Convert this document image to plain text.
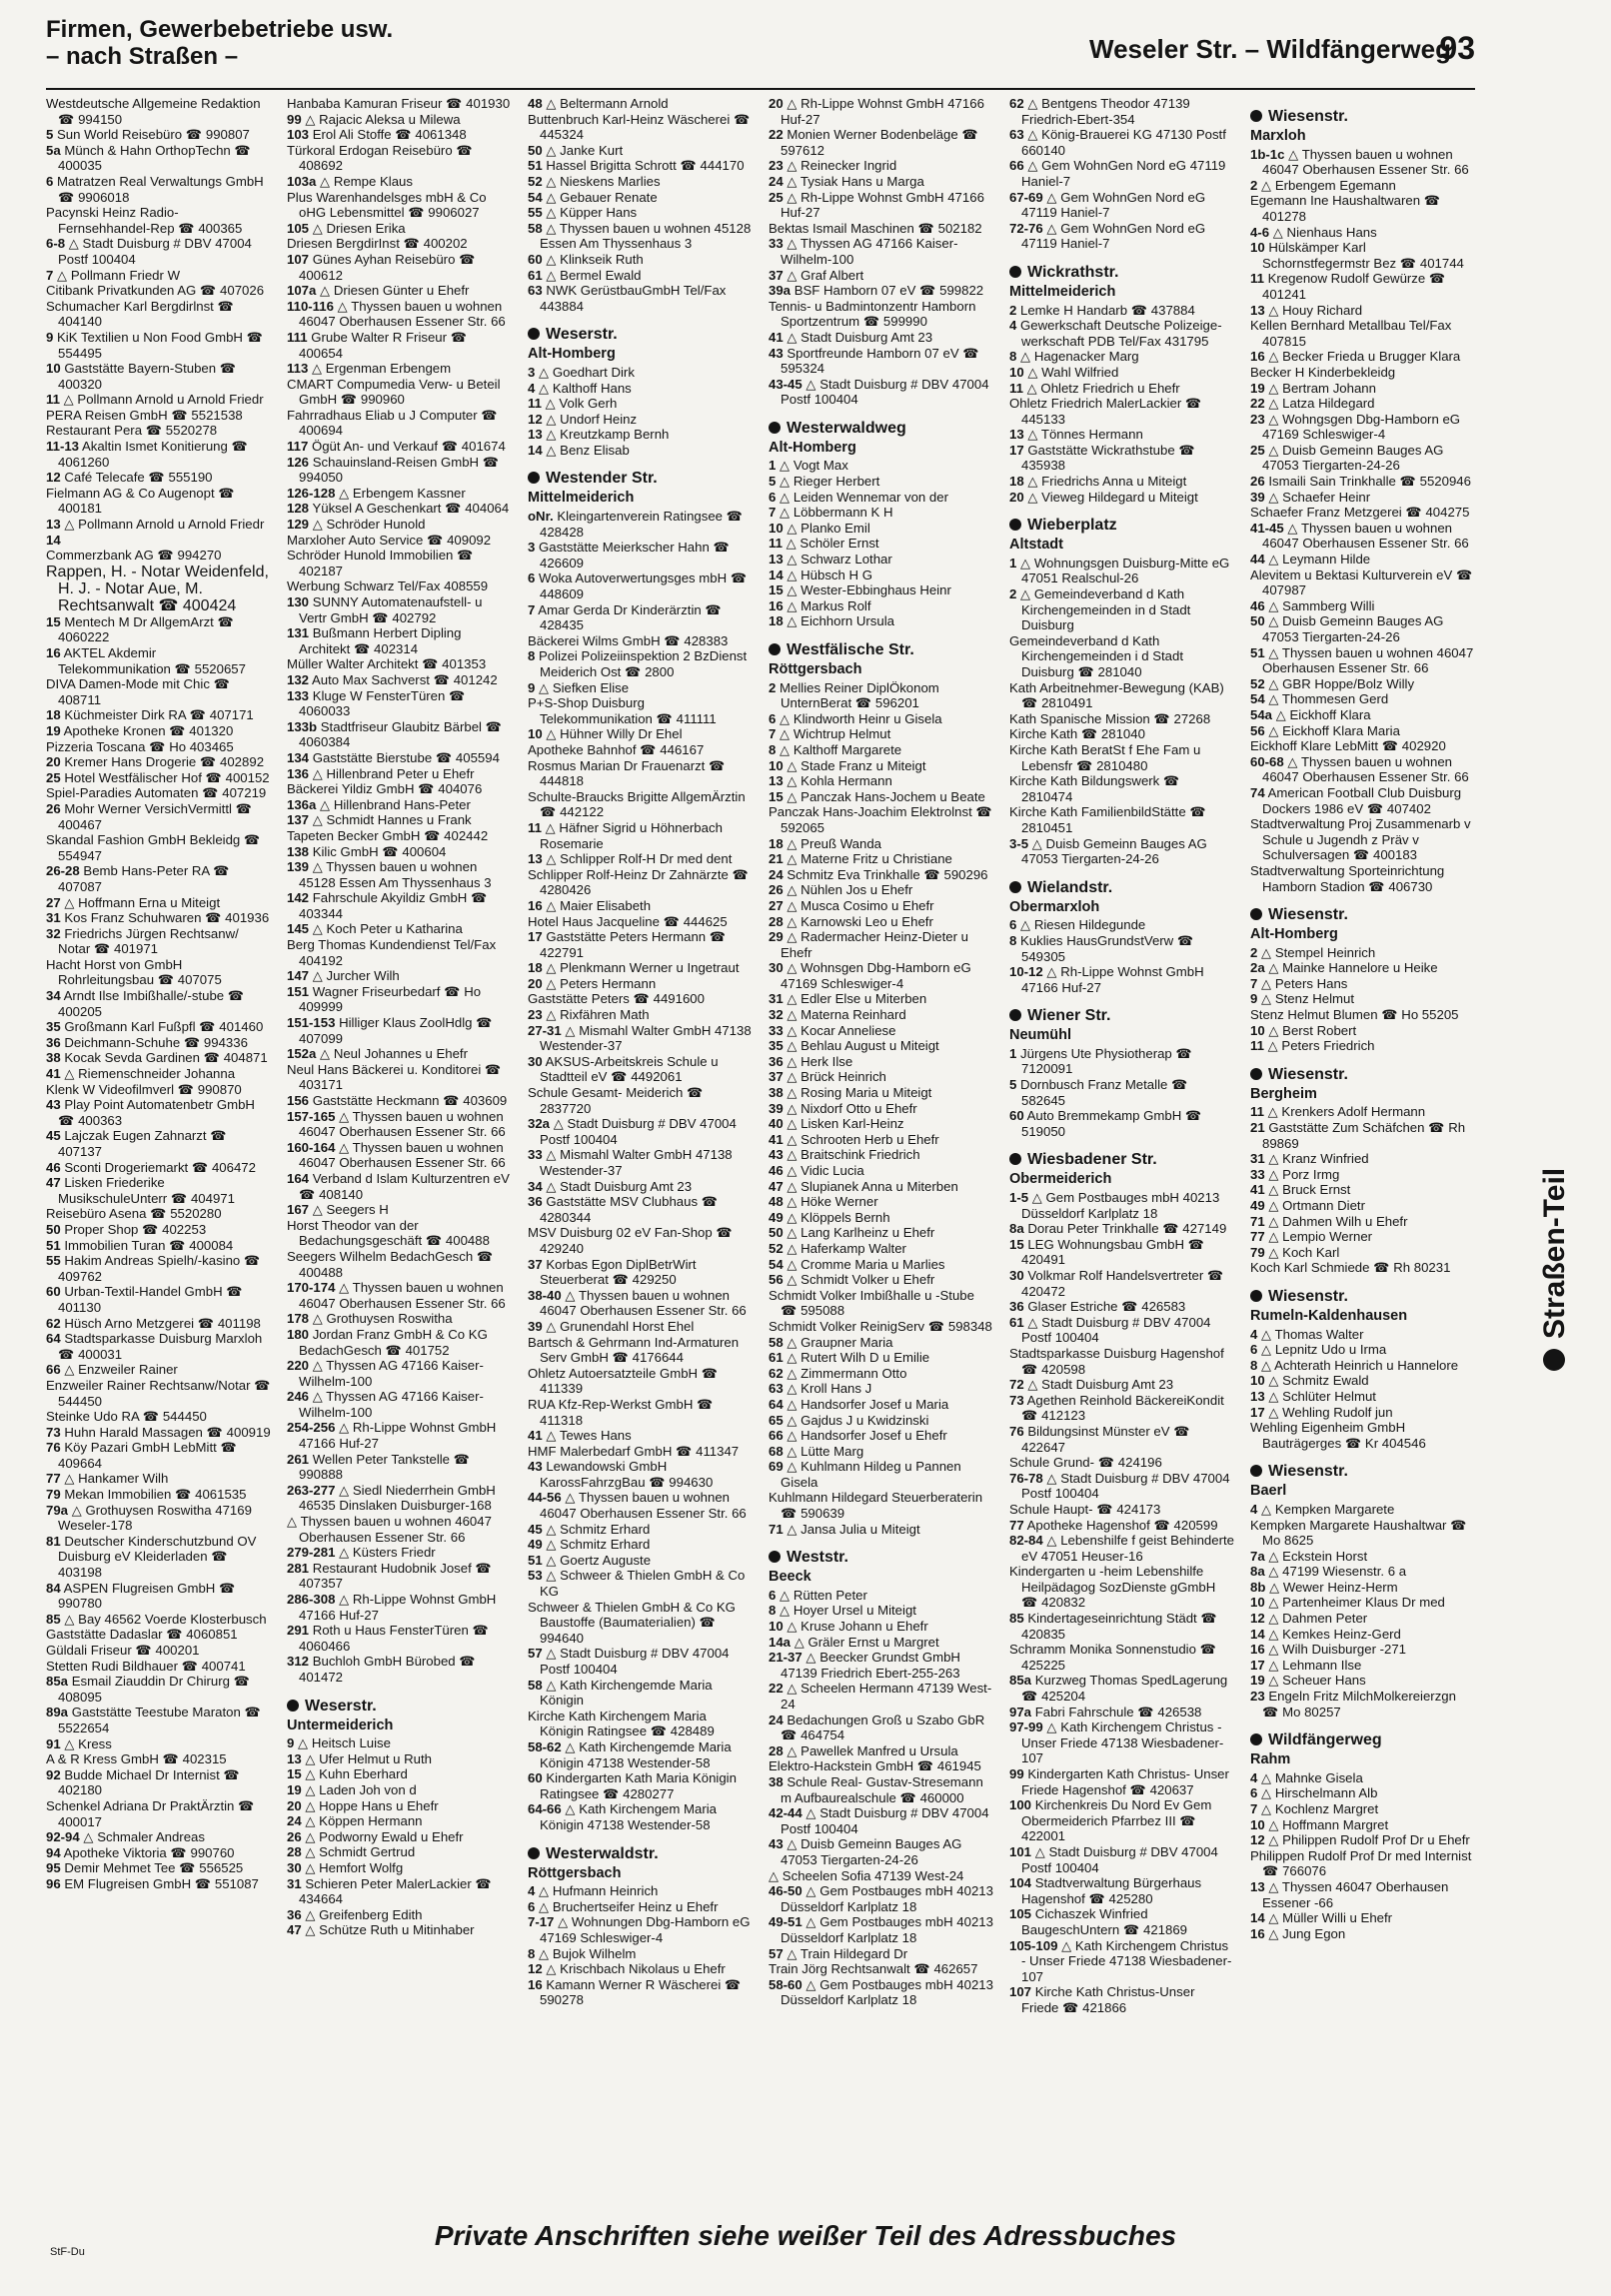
Firmen, Gewerbebetriebe usw.
– nach Straßen –	Weseler Str. – Wildfängerweg
93
Westdeutsche Allgemeine Redaktion ☎ 994150
5 Sun World Reisebüro ☎ 990807
5a Münch & Hahn OrthopTechn ☎ 400035
6 Matratzen Real Verwaltungs GmbH ☎ 9906018
Pacynski Heinz Radio-Fernsehhandel-Rep ☎ 400365
6-8 △ Stadt Duisburg # DBV 47004 Postf 100404
7 △ Pollmann Friedr W
Citibank Privatkunden AG ☎ 407026
Schumacher Karl Bergdirlnst ☎ 404140
9 KiK Textilien u Non Food GmbH ☎ 554495
10 Gaststätte Bayern-Stuben ☎ 400320
11 △ Pollmann Arnold u Arnold Friedr
PERA Reisen GmbH ☎ 5521538
Restaurant Pera ☎ 5520278
11-13 Akaltin Ismet Konitierung ☎ 4061260
12 Café Telecafe ☎ 555190
Fielmann AG & Co Augenopt ☎ 400181
13 △ Pollmann Arnold u Arnold Friedr
14
Commerzbank AG ☎ 994270
Rappen, H. - Notar Weidenfeld, H. J. - Notar Aue, M. Rechtsanwalt ☎ 400424
15 Mentech M Dr AllgemArzt ☎ 4060222
16 AKTEL Akdemir Telekommunikation ☎ 5520657
DIVA Damen-Mode mit Chic ☎ 408711
18 Küchmeister Dirk RA ☎ 407171
19 Apotheke Kronen ☎ 401320
Pizzeria Toscana ☎ Ho 403465
20 Kremer Hans Drogerie ☎ 402892
25 Hotel Westfälischer Hof ☎ 400152
Spiel-Paradies Automaten ☎ 407219
26 Mohr Werner VersichVermittl ☎ 400467
Skandal Fashion GmbH Bekleidg ☎ 554947
26-28 Bemb Hans-Peter RA ☎ 407087
27 △ Hoffmann Erna u Miteigt
31 Kos Franz Schuhwaren ☎ 401936
32 Friedrichs Jürgen Rechtsanw/ Notar ☎ 401971
Hacht Horst von GmbH Rohrleitungsbau ☎ 407075
34 Arndt Ilse Imbißhalle/-stube ☎ 400205
35 Großmann Karl Fußpfl ☎ 401460
36 Deichmann-Schuhe ☎ 994336
38 Kocak Sevda Gardinen ☎ 404871
41 △ Riemenschneider Johanna
Klenk W Videofilmverl ☎ 990870
43 Play Point Automatenbetr GmbH ☎ 400363
45 Lajczak Eugen Zahnarzt ☎ 407137
46 Sconti Drogeriemarkt ☎ 406472
47 Lisken Friederike MusikschuleUnterr ☎ 404971
Reisebüro Asena ☎ 5520280
50 Proper Shop ☎ 402253
51 Immobilien Turan ☎ 400084
55 Hakim Andreas Spielh/-kasino ☎ 409762
60 Urban-Textil-Handel GmbH ☎ 401130
62 Hüsch Arno Metzgerei ☎ 401198
64 Stadtsparkasse Duisburg Marxloh ☎ 400031
66 △ Enzweiler Rainer
Enzweiler Rainer Rechtsanw/Notar ☎ 544450
Steinke Udo RA ☎ 544450
73 Huhn Harald Massagen ☎ 400919
76 Köy Pazari GmbH LebMitt ☎ 409664
77 △ Hankamer Wilh
79 Mekan Immobilien ☎ 4061535
79a △ Grothuysen Roswitha 47169 Weseler-178
81 Deutscher Kinderschutzbund OV Duisburg eV Kleiderladen ☎ 403198
84 ASPEN Flugreisen GmbH ☎ 990780
85 △ Bay 46562 Voerde Klosterbusch
Gaststätte Dadaslar ☎ 4060851
Güldali Friseur ☎ 400201
Stetten Rudi Bildhauer ☎ 400741
85a Esmail Ziauddin Dr Chirurg ☎ 408095
89a Gaststätte Teestube Maraton ☎ 5522654
91 △ Kress
A & R Kress GmbH ☎ 402315
92 Budde Michael Dr Internist ☎ 402180
Schenkel Adriana Dr PraktÄrztin ☎ 400017
92-94 △ Schmaler Andreas
94 Apotheke Viktoria ☎ 990760
95 Demir Mehmet Tee ☎ 556525
96 EM Flugreisen GmbH ☎ 551087
Hanbaba Kamuran Friseur ☎ 401930
99 △ Rajacic Aleksa u Milewa
103 Erol Ali Stoffe ☎ 4061348
Türkoral Erdogan Reisebüro ☎ 408692
103a △ Rempe Klaus
Plus Warenhandelsges mbH & Co oHG Lebensmittel ☎ 9906027
105 △ Driesen Erika
Driesen BergdirInst ☎ 400202
107 Günes Ayhan Reisebüro ☎ 400612
107a △ Driesen Günter u Ehefr
110-116 △ Thyssen bauen u wohnen 46047 Oberhausen Essener Str. 66
111 Grube Walter R Friseur ☎ 400654
113 △ Ergenman Erbengem
CMART Compumedia Verw- u Beteil GmbH ☎ 990960
Fahrradhaus Eliab u J Computer ☎ 400694
117 Ögüt An- und Verkauf ☎ 401674
126 Schauinsland-Reisen GmbH ☎ 994050
126-128 △ Erbengem Kassner
128 Yüksel A Geschenkart ☎ 404064
129 △ Schröder Hunold
Marxloher Auto Service ☎ 409092
Schröder Hunold Immobilien ☎ 402187
Werbung Schwarz Tel/Fax 408559
130 SUNNY Automatenaufstell- u Vertr GmbH ☎ 402792
131 Bußmann Herbert Dipling Architekt ☎ 402314
Müller Walter Architekt ☎ 401353
132 Auto Max Sachverst ☎ 401242
133 Kluge W FensterTüren ☎ 4060033
133b Stadtfriseur Glaubitz Bärbel ☎ 4060384
134 Gaststätte Bierstube ☎ 405594
136 △ Hillenbrand Peter u Ehefr
Bäckerei Yildiz GmbH ☎ 404076
136a △ Hillenbrand Hans-Peter
137 △ Schmidt Hannes u Frank
Tapeten Becker GmbH ☎ 402442
138 Kilic GmbH ☎ 400604
139 △ Thyssen bauen u wohnen 45128 Essen Am Thyssenhaus 3
142 Fahrschule Akyildiz GmbH ☎ 403344
145 △ Koch Peter u Katharina
Berg Thomas Kundendienst Tel/Fax 404192
147 △ Jurcher Wilh
151 Wagner Friseurbedarf ☎ Ho 409999
151-153 Hilliger Klaus ZoolHdlg ☎ 407099
152a △ Neul Johannes u Ehefr
Neul Hans Bäckerei u. Konditorei ☎ 403171
156 Gaststätte Heckmann ☎ 403609
157-165 △ Thyssen bauen u wohnen 46047 Oberhausen Essener Str. 66
160-164 △ Thyssen bauen u wohnen 46047 Oberhausen Essener Str. 66
164 Verband d Islam Kulturzentren eV ☎ 408140
167 △ Seegers H
Horst Theodor van der Bedachungsgeschäft ☎ 400488
Seegers Wilhelm BedachGesch ☎ 400488
170-174 △ Thyssen bauen u wohnen 46047 Oberhausen Essener Str. 66
178 △ Grothuysen Roswitha
180 Jordan Franz GmbH & Co KG BedachGesch ☎ 401752
220 △ Thyssen AG 47166 Kaiser-Wilhelm-100
246 △ Thyssen AG 47166 Kaiser-Wilhelm-100
254-256 △ Rh-Lippe Wohnst GmbH 47166 Huf-27
261 Wellen Peter Tankstelle ☎ 990888
263-277 △ Siedl Niederrhein GmbH 46535 Dinslaken Duisburger-168
△ Thyssen bauen u wohnen 46047 Oberhausen Essener Str. 66
279-281 △ Küsters Friedr
281 Restaurant Hudobnik Josef ☎ 407357
286-308 △ Rh-Lippe Wohnst GmbH 47166 Huf-27
291 Roth u Haus FensterTüren ☎ 4060466
312 Buchloh GmbH Bürobed ☎ 401472
Weserstr.
Untermeiderich
9 △ Heitsch Luise
13 △ Ufer Helmut u Ruth
15 △ Kuhn Eberhard
19 △ Laden Joh von d
20 △ Hoppe Hans u Ehefr
24 △ Köppen Hermann
26 △ Podworny Ewald u Ehefr
28 △ Schmidt Gertrud
30 △ Hemfort Wolfg
31 Schieren Peter MalerLackier ☎ 434664
36 △ Greifenberg Edith
47 △ Schütze Ruth u Mitinhaber
48 △ Beltermann Arnold
Buttenbruch Karl-Heinz Wäscherei ☎ 445324
50 △ Janke Kurt
51 Hassel Brigitta Schrott ☎ 444170
52 △ Nieskens Marlies
54 △ Gebauer Renate
55 △ Küpper Hans
58 △ Thyssen bauen u wohnen 45128 Essen Am Thyssenhaus 3
60 △ Klinkseik Ruth
61 △ Bermel Ewald
63 NWK GerüstbauGmbH Tel/Fax 443884
Weserstr.
Alt-Homberg
3 △ Goedhart Dirk
4 △ Kalthoff Hans
11 △ Volk Gerh
12 △ Undorf Heinz
13 △ Kreutzkamp Bernh
14 △ Benz Elisab
Westender Str.
Mittelmeiderich
oNr. Kleingartenverein Ratingsee ☎ 428428
3 Gaststätte Meierkscher Hahn ☎ 426609
6 Woka Autoverwertungsges mbH ☎ 448609
7 Amar Gerda Dr Kinderärztin ☎ 428435
Bäckerei Wilms GmbH ☎ 428383
8 Polizei Polizeiinspektion 2 BzDienst Meiderich Ost ☎ 2800
9 △ Siefken Elise
P+S-Shop Duisburg Telekommunikation ☎ 411111
10 △ Hühner Willy Dr Ehel
Apotheke Bahnhof ☎ 446167
Rosmus Marian Dr Frauenarzt ☎ 444818
Schulte-Braucks Brigitte AllgemÄrztin ☎ 442122
11 △ Häfner Sigrid u Höhnerbach Rosemarie
13 △ Schlipper Rolf-H Dr med dent
Schlipper Rolf-Heinz Dr Zahnärzte ☎ 4280426
16 △ Maier Elisabeth
Hotel Haus Jacqueline ☎ 444625
17 Gaststätte Peters Hermann ☎ 422791
18 △ Plenkmann Werner u Ingetraut
20 △ Peters Hermann
Gaststätte Peters ☎ 4491600
23 △ Rixfähren Math
27-31 △ Mismahl Walter GmbH 47138 Westender-37
30 AKSUS-Arbeitskreis Schule u Stadtteil eV ☎ 4492061
Schule Gesamt- Meiderich ☎ 2837720
32a △ Stadt Duisburg # DBV 47004 Postf 100404
33 △ Mismahl Walter GmbH 47138 Westender-37
34 △ Stadt Duisburg Amt 23
36 Gaststätte MSV Clubhaus ☎ 4280344
MSV Duisburg 02 eV Fan-Shop ☎ 429240
37 Korbas Egon DiplBetrWirt Steuerberat ☎ 429250
38-40 △ Thyssen bauen u wohnen 46047 Oberhausen Essener Str. 66
39 △ Grunendahl Horst Ehel
Bartsch & Gehrmann Ind-Armaturen Serv GmbH ☎ 4176644
Ohletz Autoersatzteile GmbH ☎ 411339
RUA Kfz-Rep-Werkst GmbH ☎ 411318
41 △ Tewes Hans
HMF Malerbedarf GmbH ☎ 411347
43 Lewandowski GmbH KarossFahrzgBau ☎ 994630
44-56 △ Thyssen bauen u wohnen 46047 Oberhausen Essener Str. 66
45 △ Schmitz Erhard
49 △ Schmitz Erhard
51 △ Goertz Auguste
53 △ Schweer & Thielen GmbH & Co KG
Schweer & Thielen GmbH & Co KG Baustoffe (Baumaterialien) ☎ 994640
57 △ Stadt Duisburg # DBV 47004 Postf 100404
58 △ Kath Kirchengemde Maria Königin
Kirche Kath Kirchengem Maria Königin Ratingsee ☎ 428489
58-62 △ Kath Kirchengemde Maria Königin 47138 Westender-58
60 Kindergarten Kath Maria Königin Ratingsee ☎ 4280277
64-66 △ Kath Kirchengem Maria Königin 47138 Westender-58
Westerwaldstr.
Röttgersbach
4 △ Hufmann Heinrich
6 △ Bruchertseifer Heinz u Ehefr
7-17 △ Wohnungen Dbg-Hamborn eG 47169 Schleswiger-4
8 △ Bujok Wilhelm
12 △ Krischbach Nikolaus u Ehefr
16 Kamann Werner R Wäscherei ☎ 590278
20 △ Rh-Lippe Wohnst GmbH 47166 Huf-27
22 Monien Werner Bodenbeläge ☎ 597612
23 △ Reinecker Ingrid
24 △ Tysiak Hans u Marga
25 △ Rh-Lippe Wohnst GmbH 47166 Huf-27
Bektas Ismail Maschinen ☎ 502182
33 △ Thyssen AG 47166 Kaiser-Wilhelm-100
37 △ Graf Albert
39a BSF Hamborn 07 eV ☎ 599822
Tennis- u Badmintonzentr Hamborn Sportzentrum ☎ 599990
41 △ Stadt Duisburg Amt 23
43 Sportfreunde Hamborn 07 eV ☎ 595324
43-45 △ Stadt Duisburg # DBV 47004 Postf 100404
Westerwaldweg
Alt-Homberg
1 △ Vogt Max
5 △ Rieger Herbert
6 △ Leiden Wennemar von der
7 △ Löbbermann K H
10 △ Planko Emil
11 △ Schöler Ernst
13 △ Schwarz Lothar
14 △ Hübsch H G
15 △ Wester-Ebbinghaus Heinr
16 △ Markus Rolf
18 △ Eichhorn Ursula
Westfälische Str.
Röttgersbach
2 Mellies Reiner DiplÖkonom UnternBerat ☎ 596201
6 △ Klindworth Heinr u Gisela
7 △ Wichtrup Helmut
8 △ Kalthoff Margarete
10 △ Stade Franz u Miteigt
13 △ Kohla Hermann
15 △ Panczak Hans-Jochem u Beate
Panczak Hans-Joachim Elektrolnst ☎ 592065
18 △ Preuß Wanda
21 △ Materne Fritz u Christiane
24 Schmitz Eva Trinkhalle ☎ 590296
26 △ Nühlen Jos u Ehefr
27 △ Musca Cosimo u Ehefr
28 △ Karnowski Leo u Ehefr
29 △ Radermacher Heinz-Dieter u Ehefr
30 △ Wohnsgen Dbg-Hamborn eG 47169 Schleswiger-4
31 △ Edler Else u Miterben
32 △ Materna Reinhard
33 △ Kocar Anneliese
35 △ Behlau August u Miteigt
36 △ Herk Ilse
37 △ Brück Heinrich
38 △ Rosing Maria u Miteigt
39 △ Nixdorf Otto u Ehefr
40 △ Lisken Karl-Heinz
41 △ Schrooten Herb u Ehefr
43 △ Braitschink Friedrich
46 △ Vidic Lucia
47 △ Slupianek Anna u Miterben
48 △ Höke Werner
49 △ Klöppels Bernh
50 △ Lang Karlheinz u Ehefr
52 △ Haferkamp Walter
54 △ Cromme Maria u Marlies
56 △ Schmidt Volker u Ehefr
Schmidt Volker Imbißhalle u -Stube ☎ 595088
Schmidt Volker ReinigServ ☎ 598348
58 △ Graupner Maria
61 △ Rutert Wilh D u Emilie
62 △ Zimmermann Otto
63 △ Kroll Hans J
64 △ Handsorfer Josef u Maria
65 △ Gajdus J u Kwidzinski
66 △ Handsorfer Josef u Ehefr
68 △ Lütte Marg
69 △ Kuhlmann Hildeg u Pannen Gisela
Kuhlmann Hildegard Steuerberaterin ☎ 590639
71 △ Jansa Julia u Miteigt
Weststr.
Beeck
6 △ Rütten Peter
8 △ Hoyer Ursel u Miteigt
10 △ Kruse Johann u Ehefr
14a △ Gräler Ernst u Margret
21-37 △ Beecker Grundst GmbH 47139 Friedrich Ebert-255-263
22 △ Scheelen Hermann 47139 West-24
24 Bedachungen Groß u Szabo GbR ☎ 464754
28 △ Pawellek Manfred u Ursula
Elektro-Hackstein GmbH ☎ 461945
38 Schule Real- Gustav-Stresemann m Aufbaurealschule ☎ 460000
42-44 △ Stadt Duisburg # DBV 47004 Postf 100404
43 △ Duisb Gemeinn Bauges AG 47053 Tiergarten-24-26
△ Scheelen Sofia 47139 West-24
46-50 △ Gem Postbauges mbH 40213 Düsseldorf Karlplatz 18
49-51 △ Gem Postbauges mbH 40213 Düsseldorf Karlplatz 18
57 △ Train Hildegard Dr
Train Jörg Rechtsanwalt ☎ 462657
58-60 △ Gem Postbauges mbH 40213 Düsseldorf Karlplatz 18
62 △ Bentgens Theodor 47139 Friedrich-Ebert-354
63 △ König-Brauerei KG 47130 Postf 660140
66 △ Gem WohnGen Nord eG 47119 Haniel-7
67-69 △ Gem WohnGen Nord eG 47119 Haniel-7
72-76 △ Gem WohnGen Nord eG 47119 Haniel-7
Wickrathstr.
Mittelmeiderich
2 Lemke H Handarb ☎ 437884
4 Gewerkschaft Deutsche Polizeige- werkschaft PDB Tel/Fax 431795
8 △ Hagenacker Marg
10 △ Wahl Wilfried
11 △ Ohletz Friedrich u Ehefr
Ohletz Friedrich MalerLackier ☎ 445133
13 △ Tönnes Hermann
17 Gaststätte Wickrathstube ☎ 435938
18 △ Friedrichs Anna u Miteigt
20 △ Vieweg Hildegard u Miteigt
Wieberplatz
Altstadt
1 △ Wohnungsgen Duisburg-Mitte eG 47051 Realschul-26
2 △ Gemeindeverband d Kath Kirchengemeinden in d Stadt Duisburg
Gemeindeverband d Kath Kirchengemeinden i d Stadt Duisburg ☎ 281040
Kath Arbeitnehmer-Bewegung (KAB) ☎ 2810491
Kath Spanische Mission ☎ 27268
Kirche Kath ☎ 281040
Kirche Kath BeratSt f Ehe Fam u Lebensfr ☎ 2810480
Kirche Kath Bildungswerk ☎ 2810474
Kirche Kath FamilienbildStätte ☎ 2810451
3-5 △ Duisb Gemeinn Bauges AG 47053 Tiergarten-24-26
Wielandstr.
Obermarxloh
6 △ Riesen Hildegunde
8 Kuklies HausGrundstVerw ☎ 549305
10-12 △ Rh-Lippe Wohnst GmbH 47166 Huf-27
Wiener Str.
Neumühl
1 Jürgens Ute Physiotherap ☎ 7120091
5 Dornbusch Franz Metalle ☎ 582645
60 Auto Bremmekamp GmbH ☎ 519050
Wiesbadener Str.
Obermeiderich
1-5 △ Gem Postbauges mbH 40213 Düsseldorf Karlplatz 18
8a Dorau Peter Trinkhalle ☎ 427149
15 LEG Wohnungsbau GmbH ☎ 420491
30 Volkmar Rolf Handelsvertreter ☎ 420472
36 Glaser Estriche ☎ 426583
61 △ Stadt Duisburg # DBV 47004 Postf 100404
Stadtsparkasse Duisburg Hagenshof ☎ 420598
72 △ Stadt Duisburg Amt 23
73 Agethen Reinhold BäckereiKondit ☎ 412123
76 Bildungsinst Münster eV ☎ 422647
Schule Grund- ☎ 424196
76-78 △ Stadt Duisburg # DBV 47004 Postf 100404
Schule Haupt- ☎ 424173
77 Apotheke Hagenshof ☎ 420599
82-84 △ Lebenshilfe f geist Behinderte eV 47051 Heuser-16
Kindergarten u -heim Lebenshilfe Heilpädagog SozDienste gGmbH ☎ 420832
85 Kindertageseinrichtung Städt ☎ 420835
Schramm Monika Sonnenstudio ☎ 425225
85a Kurzweg Thomas SpedLagerung ☎ 425204
97a Fabri Fahrschule ☎ 426538
97-99 △ Kath Kirchengem Christus - Unser Friede 47138 Wiesbadener-107
99 Kindergarten Kath Christus- Unser Friede Hagenshof ☎ 420637
100 Kirchenkreis Du Nord Ev Gem Obermeiderich Pfarrbez III ☎ 422001
101 △ Stadt Duisburg # DBV 47004 Postf 100404
104 Stadtverwaltung Bürgerhaus Hagenshof ☎ 425280
105 Cichaszek Winfried BaugeschUntern ☎ 421869
105-109 △ Kath Kirchengem Christus - Unser Friede 47138 Wiesbadener-107
107 Kirche Kath Christus-Unser Friede ☎ 421866
Wiesenstr.
Marxloh
1b-1c △ Thyssen bauen u wohnen 46047 Oberhausen Essener Str. 66
2 △ Erbengem Egemann
Egemann Ine Haushaltwaren ☎ 401278
4-6 △ Nienhaus Hans
10 Hülskämper Karl Schornstfegermstr Bez ☎ 401744
11 Kregenow Rudolf Gewürze ☎ 401241
13 △ Houy Richard
Kellen Bernhard Metallbau Tel/Fax 407815
16 △ Becker Frieda u Brugger Klara
Becker H Kinderbekleidg
19 △ Bertram Johann
22 △ Latza Hildegard
23 △ Wohngsgen Dbg-Hamborn eG 47169 Schleswiger-4
25 △ Duisb Gemeinn Bauges AG 47053 Tiergarten-24-26
26 Ismaili Sain Trinkhalle ☎ 5520946
39 △ Schaefer Heinr
Schaefer Franz Metzgerei ☎ 404275
41-45 △ Thyssen bauen u wohnen 46047 Oberhausen Essener Str. 66
44 △ Leymann Hilde
Alevitem u Bektasi Kulturverein eV ☎ 407987
46 △ Sammberg Willi
50 △ Duisb Gemeinn Bauges AG 47053 Tiergarten-24-26
51 △ Thyssen bauen u wohnen 46047 Oberhausen Essener Str. 66
52 △ GBR Hoppe/Bolz Willy
54 △ Thommesen Gerd
54a △ Eickhoff Klara
56 △ Eickhoff Klara Maria
Eickhoff Klare LebMitt ☎ 402920
60-68 △ Thyssen bauen u wohnen 46047 Oberhausen Essener Str. 66
74 American Football Club Duisburg Dockers 1986 eV ☎ 407402
Stadtverwaltung Proj Zusammenarb v Schule u Jugendh z Präv v Schulversagen ☎ 400183
Stadtverwaltung Sporteinrichtung Hamborn Stadion ☎ 406730
Wiesenstr.
Alt-Homberg
2 △ Stempel Heinrich
2a △ Mainke Hannelore u Heike
7 △ Peters Hans
9 △ Stenz Helmut
Stenz Helmut Blumen ☎ Ho 55205
10 △ Berst Robert
11 △ Peters Friedrich
Wiesenstr.
Bergheim
11 △ Krenkers Adolf Hermann
21 Gaststätte Zum Schäfchen ☎ Rh 89869
31 △ Kranz Winfried
33 △ Porz Irmg
41 △ Bruck Ernst
49 △ Ortmann Dietr
71 △ Dahmen Wilh u Ehefr
77 △ Lempio Werner
79 △ Koch Karl
Koch Karl Schmiede ☎ Rh 80231
Wiesenstr.
Rumeln-Kaldenhausen
4 △ Thomas Walter
6 △ Lepnitz Udo u Irma
8 △ Achterath Heinrich u Hannelore
10 △ Schmitz Ewald
13 △ Schlüter Helmut
17 △ Wehling Rudolf jun
Wehling Eigenheim GmbH Bauträgerges ☎ Kr 404546
Wiesenstr.
Baerl
4 △ Kempken Margarete
Kempken Margarete Haushaltwar ☎ Mo 8625
7a △ Eckstein Horst
8a △ 47199 Wiesenstr. 6 a
8b △ Wewer Heinz-Herm
10 △ Partenheimer Klaus Dr med
12 △ Dahmen Peter
14 △ Kemkes Heinz-Gerd
16 △ Wilh Duisburger -271
17 △ Lehmann Ilse
19 △ Scheuer Hans
23 Engeln Fritz MilchMolkereierzgn ☎ Mo 80257
Wildfängerweg
Rahm
4 △ Mahnke Gisela
6 △ Hirschelmann Alb
7 △ Kochlenz Margret
10 △ Hoffmann Margret
12 △ Philippen Rudolf Prof Dr u Ehefr
Philippen Rudolf Prof Dr med Internist ☎ 766076
13 △ Thyssen 46047 Oberhausen Essener -66
14 △ Müller Willi u Ehefr
16 △ Jung Egon
Straßen-Teil
Private Anschriften siehe weißer Teil des Adressbuches
StF-Du
